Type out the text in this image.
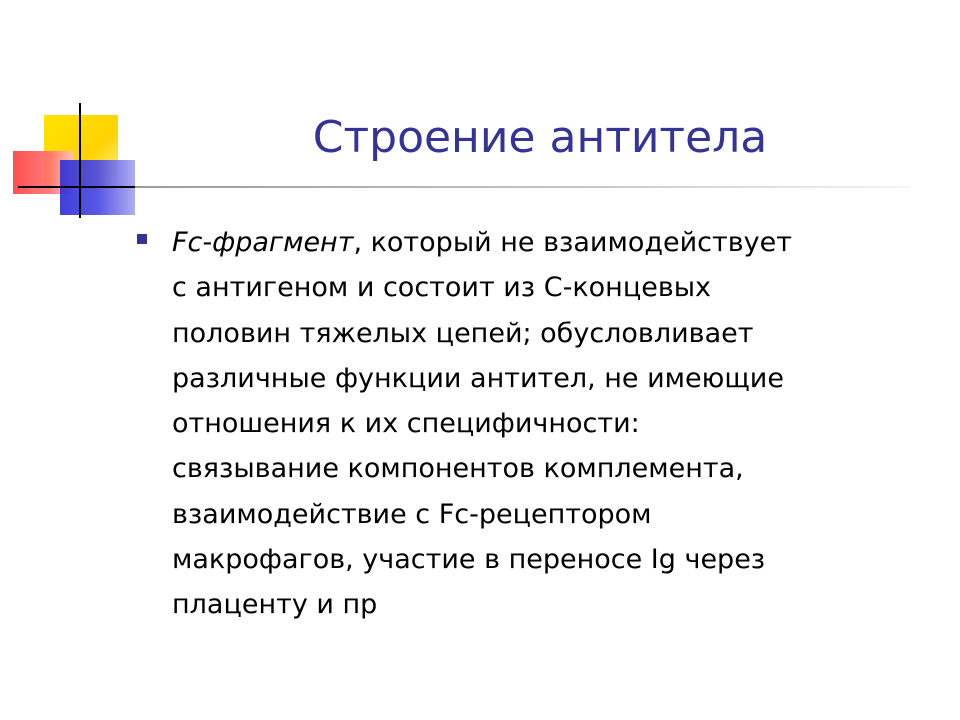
Строение антитела
Fc-фрагмент, который не взаимодействует
с антигеном и состоит из С-концевых
половин тяжелых цепей; обусловливает
различные функции антител, не имеющие
отношения к их специфичности:
связывание компонентов комплемента,
взаимодействие с Fc-рецептором
макрофагов, участие в переносе Ig через
плаценту и пр
